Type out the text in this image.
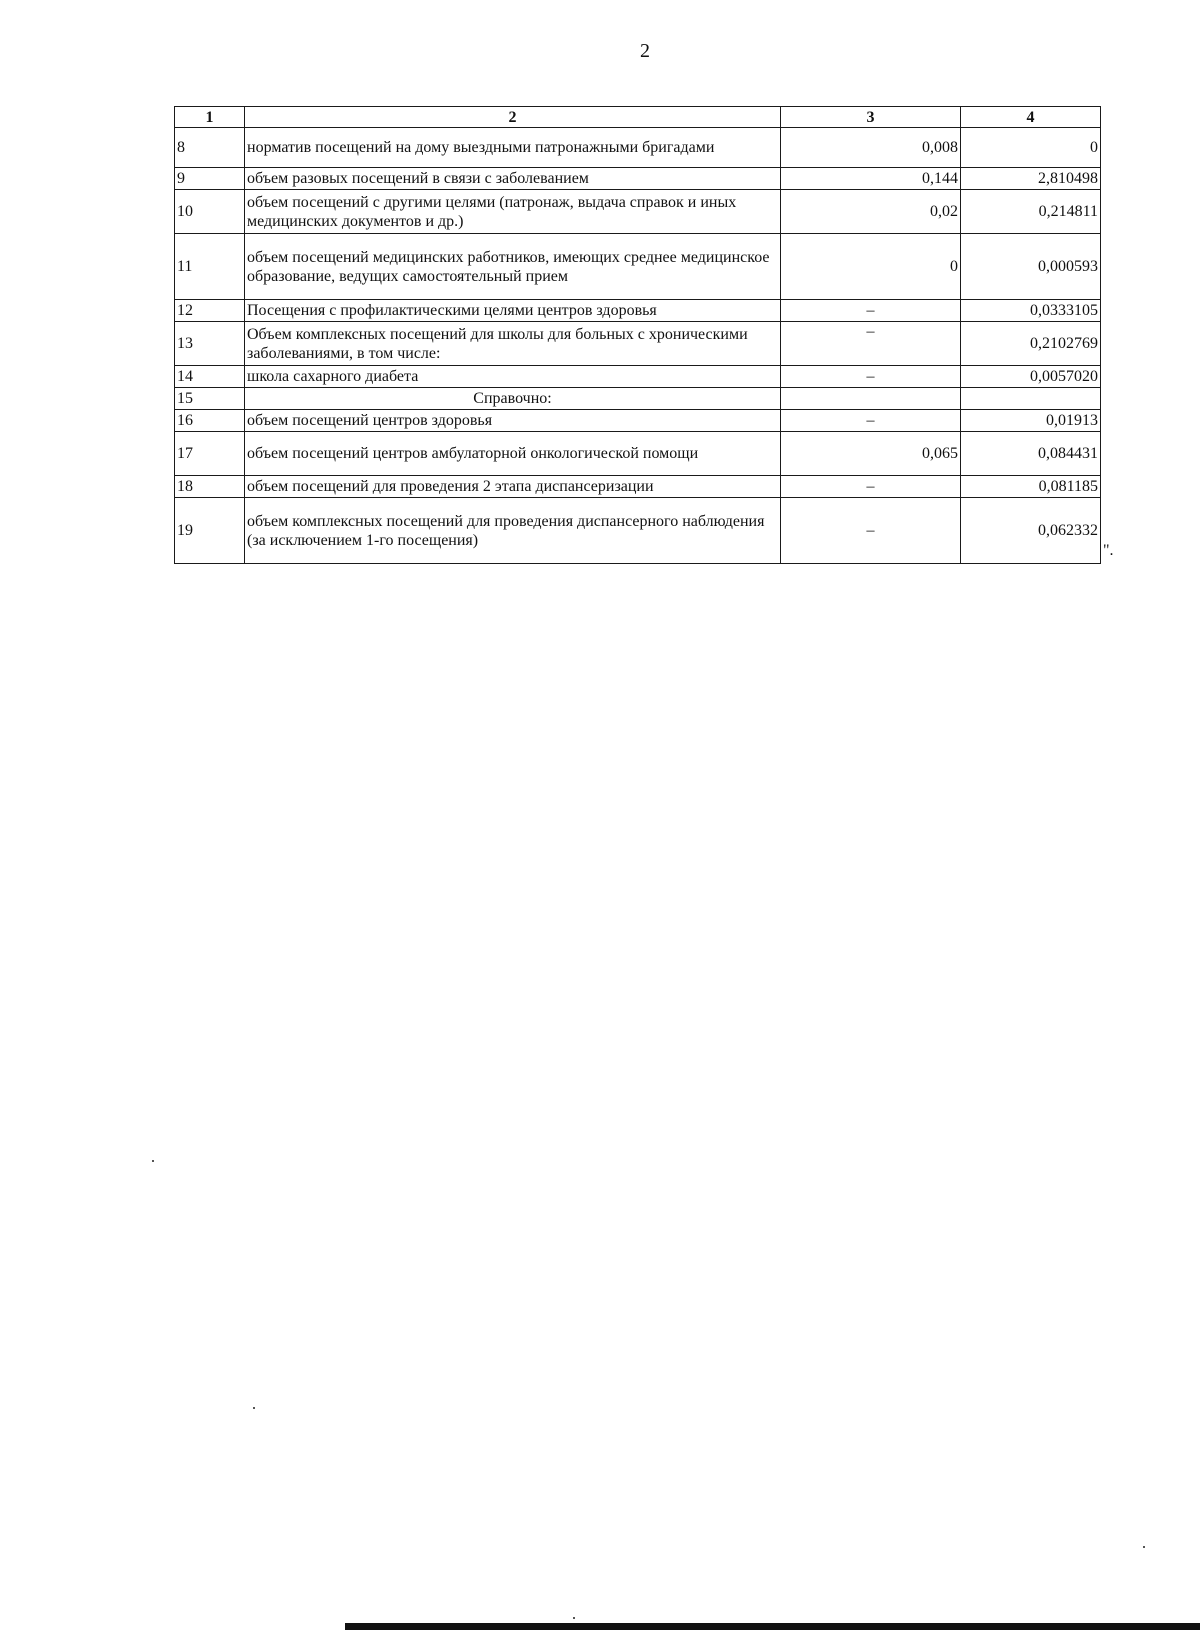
2
1	2	3	4
8	норматив посещений на дому выездными патронажными бригадами	0,008	0
9	объем разовых посещений в связи с заболеванием	0,144	2,810498
10	объем посещений с другими целями (патронаж, выдача справок и иных медицинских документов и др.)	0,02	0,214811
11	объем посещений медицинских работников, имеющих среднее медицинское образование, ведущих самостоятельный прием	0	0,000593
12	Посещения с профилактическими целями центров здоровья	–	0,0333105
13	Объем комплексных посещений для школы для больных с хроническими заболеваниями, в том числе:	–	0,2102769
14	школа сахарного диабета	–	0,0057020
15	Справочно:		
16	объем посещений центров здоровья	–	0,01913
17	объем посещений центров амбулаторной онкологической помощи	0,065	0,084431
18	объем посещений для проведения 2 этапа диспансеризации	–	0,081185
19	объем комплексных посещений для проведения диспансерного наблюдения (за исключением 1-го посещения)	–	0,062332
".
